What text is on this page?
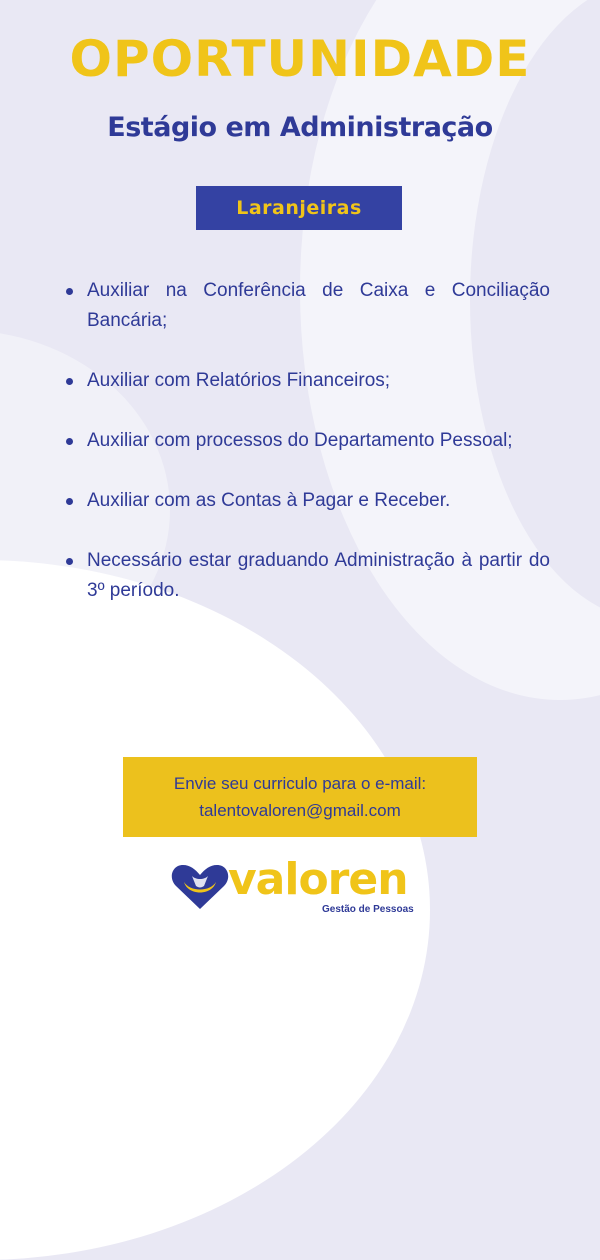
OPORTUNIDADE
Estágio em Administração
Laranjeiras
Auxiliar na Conferência de Caixa e Conciliação Bancária;
Auxiliar com Relatórios Financeiros;
Auxiliar com processos do Departamento Pessoal;
Auxiliar com as Contas à Pagar e Receber.
Necessário estar graduando Administração à partir do 3º período.
Envie seu curriculo para o e-mail:
talentovaloren@gmail.com
valoren
Gestão de Pessoas
